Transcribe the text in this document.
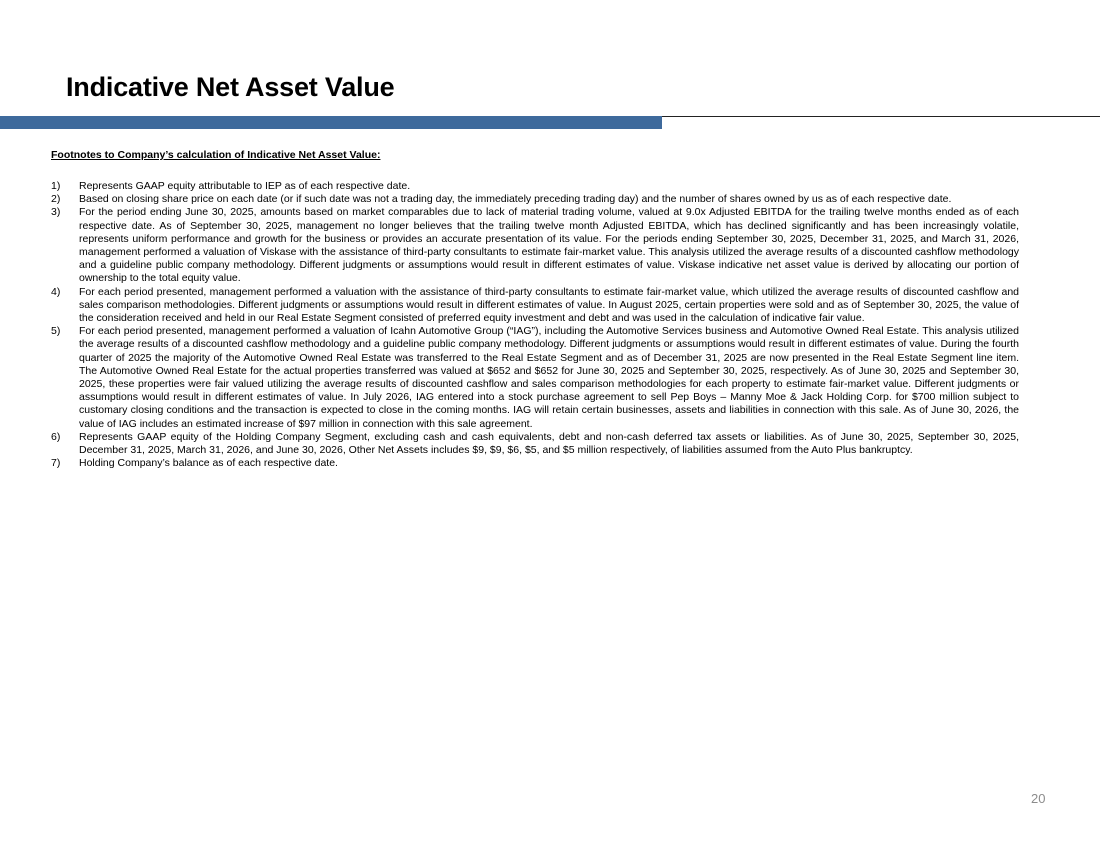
Indicative Net Asset Value
Footnotes to Company’s calculation of Indicative Net Asset Value:
1)	Represents GAAP equity attributable to IEP as of each respective date.
2)	Based on closing share price on each date (or if such date was not a trading day, the immediately preceding trading day) and the number of shares owned by us as of each respective date.
3)	For the period ending June 30, 2025, amounts based on market comparables due to lack of material trading volume, valued at 9.0x Adjusted EBITDA for the trailing twelve months ended as of each respective date. As of September 30, 2025, management no longer believes that the trailing twelve month Adjusted EBITDA, which has declined significantly and has been increasingly volatile, represents uniform performance and growth for the business or provides an accurate presentation of its value. For the periods ending September 30, 2025, December 31, 2025, and March 31, 2026, management performed a valuation of Viskase with the assistance of third-party consultants to estimate fair-market value. This analysis utilized the average results of a discounted cashflow methodology and a guideline public company methodology. Different judgments or assumptions would result in different estimates of value. Viskase indicative net asset value is derived by allocating our portion of ownership to the total equity value.
4)	For each period presented, management performed a valuation with the assistance of third-party consultants to estimate fair-market value, which utilized the average results of discounted cashflow and sales comparison methodologies. Different judgments or assumptions would result in different estimates of value. In August 2025, certain properties were sold and as of September 30, 2025, the value of the consideration received and held in our Real Estate Segment consisted of preferred equity investment and debt and was used in the calculation of indicative fair value.
5)	For each period presented, management performed a valuation of Icahn Automotive Group (“IAG”), including the Automotive Services business and Automotive Owned Real Estate. This analysis utilized the average results of a discounted cashflow methodology and a guideline public company methodology. Different judgments or assumptions would result in different estimates of value. During the fourth quarter of 2025 the majority of the Automotive Owned Real Estate was transferred to the Real Estate Segment and as of December 31, 2025 are now presented in the Real Estate Segment line item. The Automotive Owned Real Estate for the actual properties transferred was valued at $652 and $652 for June 30, 2025 and September 30, 2025, respectively. As of June 30, 2025 and September 30, 2025, these properties were fair valued utilizing the average results of discounted cashflow and sales comparison methodologies for each property to estimate fair-market value. Different judgments or assumptions would result in different estimates of value. In July 2026, IAG entered into a stock purchase agreement to sell Pep Boys – Manny Moe & Jack Holding Corp. for $700 million subject to customary closing conditions and the transaction is expected to close in the coming months. IAG will retain certain businesses, assets and liabilities in connection with this sale. As of June 30, 2026, the value of IAG includes an estimated increase of $97 million in connection with this sale agreement.
6)	Represents GAAP equity of the Holding Company Segment, excluding cash and cash equivalents, debt and non-cash deferred tax assets or liabilities. As of June 30, 2025, September 30, 2025, December 31, 2025, March 31, 2026, and June 30, 2026, Other Net Assets includes $9, $9, $6, $5, and $5 million respectively, of liabilities assumed from the Auto Plus bankruptcy.
7)	Holding Company’s balance as of each respective date.
20
